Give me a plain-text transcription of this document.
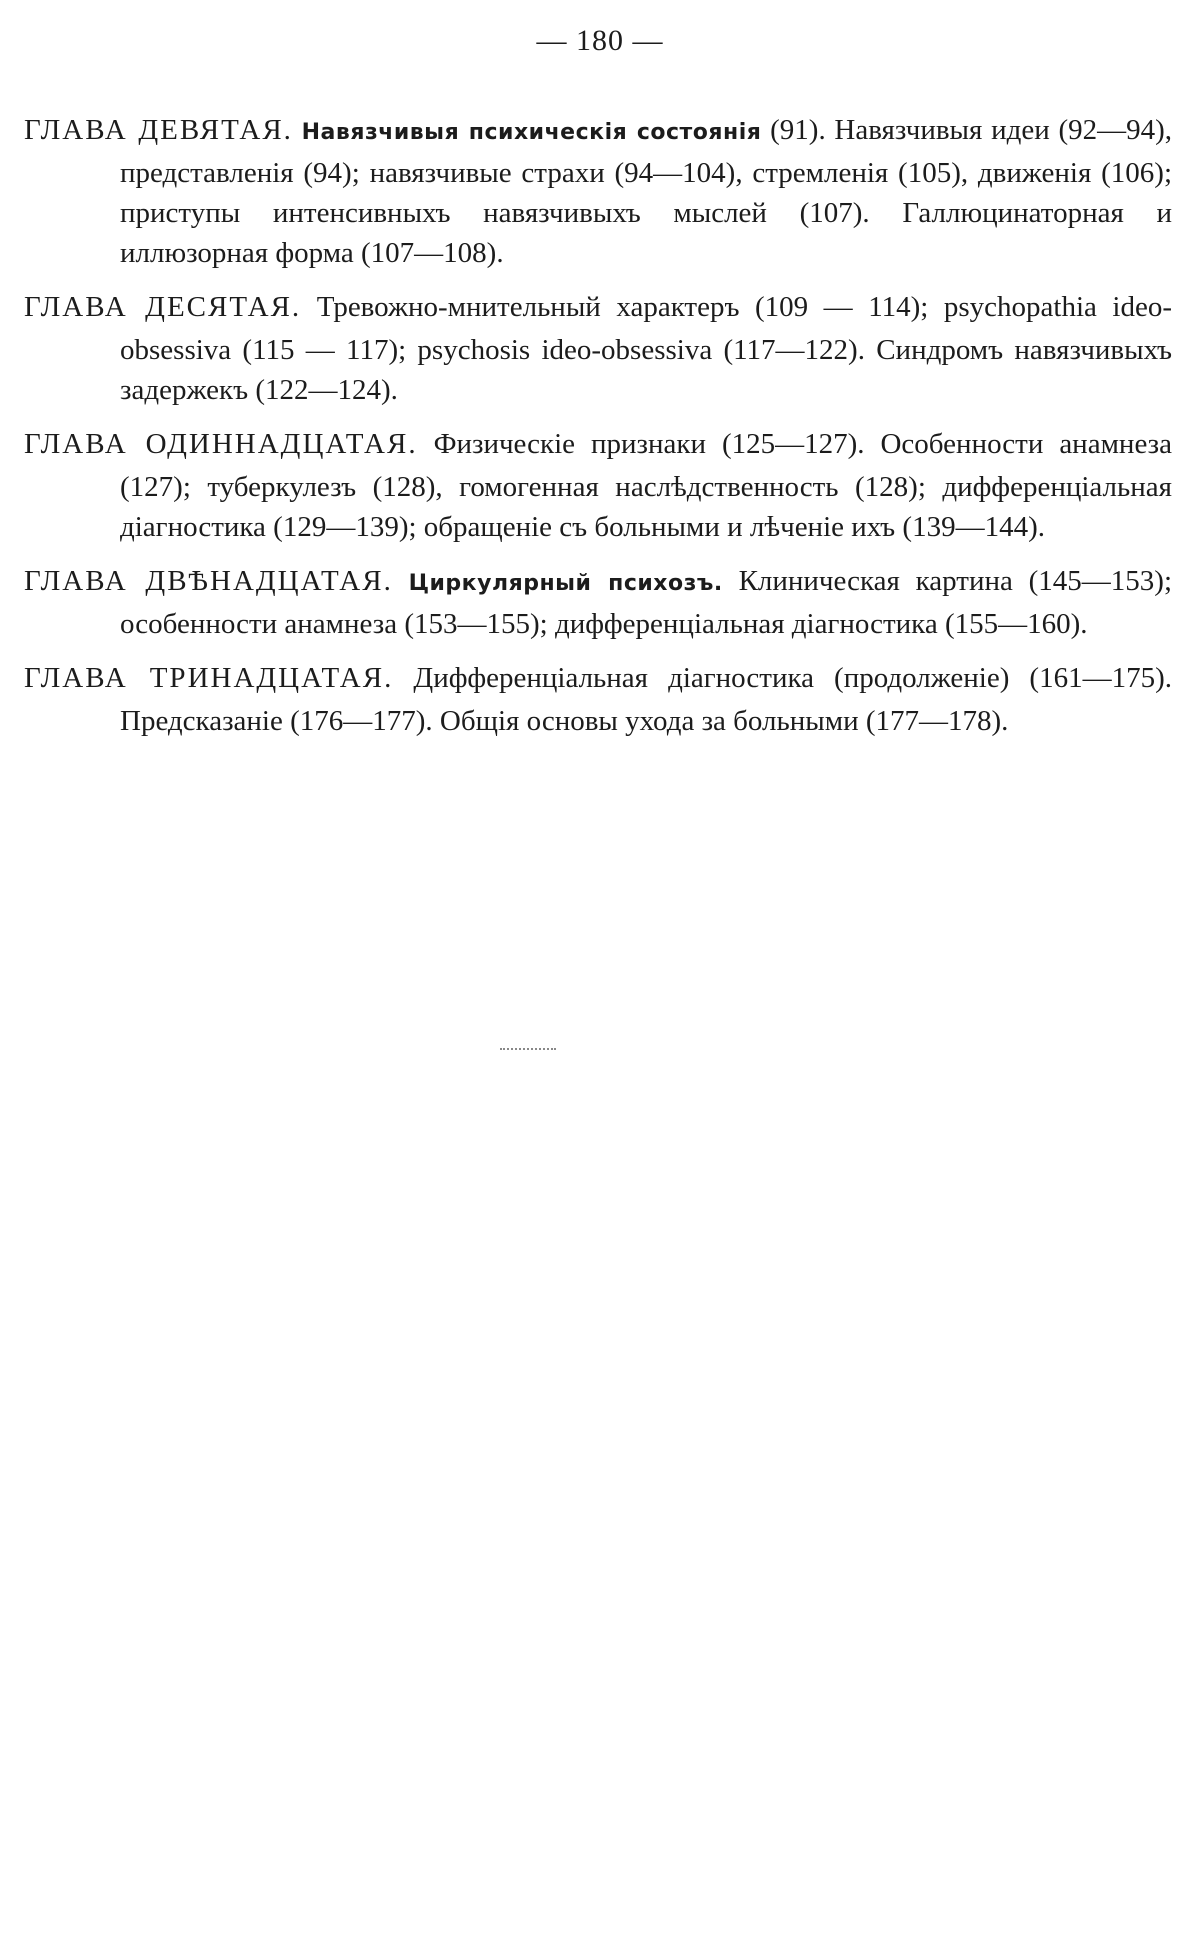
— 180 —

ГЛАВА ДЕВЯТАЯ. Навязчивыя психическія состоянія (91). Навязчивыя идеи (92—94), представленія (94); навязчивые страхи (94—104), стремленія (105), движенія (106); приступы интенсивныхъ навязчивыхъ мыслей (107). Галлюцинаторная и иллюзорная форма (107—108).

ГЛАВА ДЕСЯТАЯ. Тревожно-мнительный характеръ (109 — 114); psychopathia ideo-obsessiva (115 — 117); psychosis ideo-obsessiva (117—122). Синдромъ навязчивыхъ задержекъ (122—124).

ГЛАВА ОДИННАДЦАТАЯ. Физическіе признаки (125—127). Особенности анамнеза (127); туберкулезъ (128), гомогенная наслѣдственность (128); дифференціальная діагностика (129—139); обращеніе съ больными и лѣченіе ихъ (139—144).

ГЛАВА ДВѢНАДЦАТАЯ. Циркулярный психозъ. Клиническая картина (145—153); особенности анамнеза (153—155); дифференціальная діагностика (155—160).

ГЛАВА ТРИНАДЦАТАЯ. Дифференціальная діагностика (продолженіе) (161—175). Предсказаніе (176—177). Общія основы ухода за больными (177—178).
